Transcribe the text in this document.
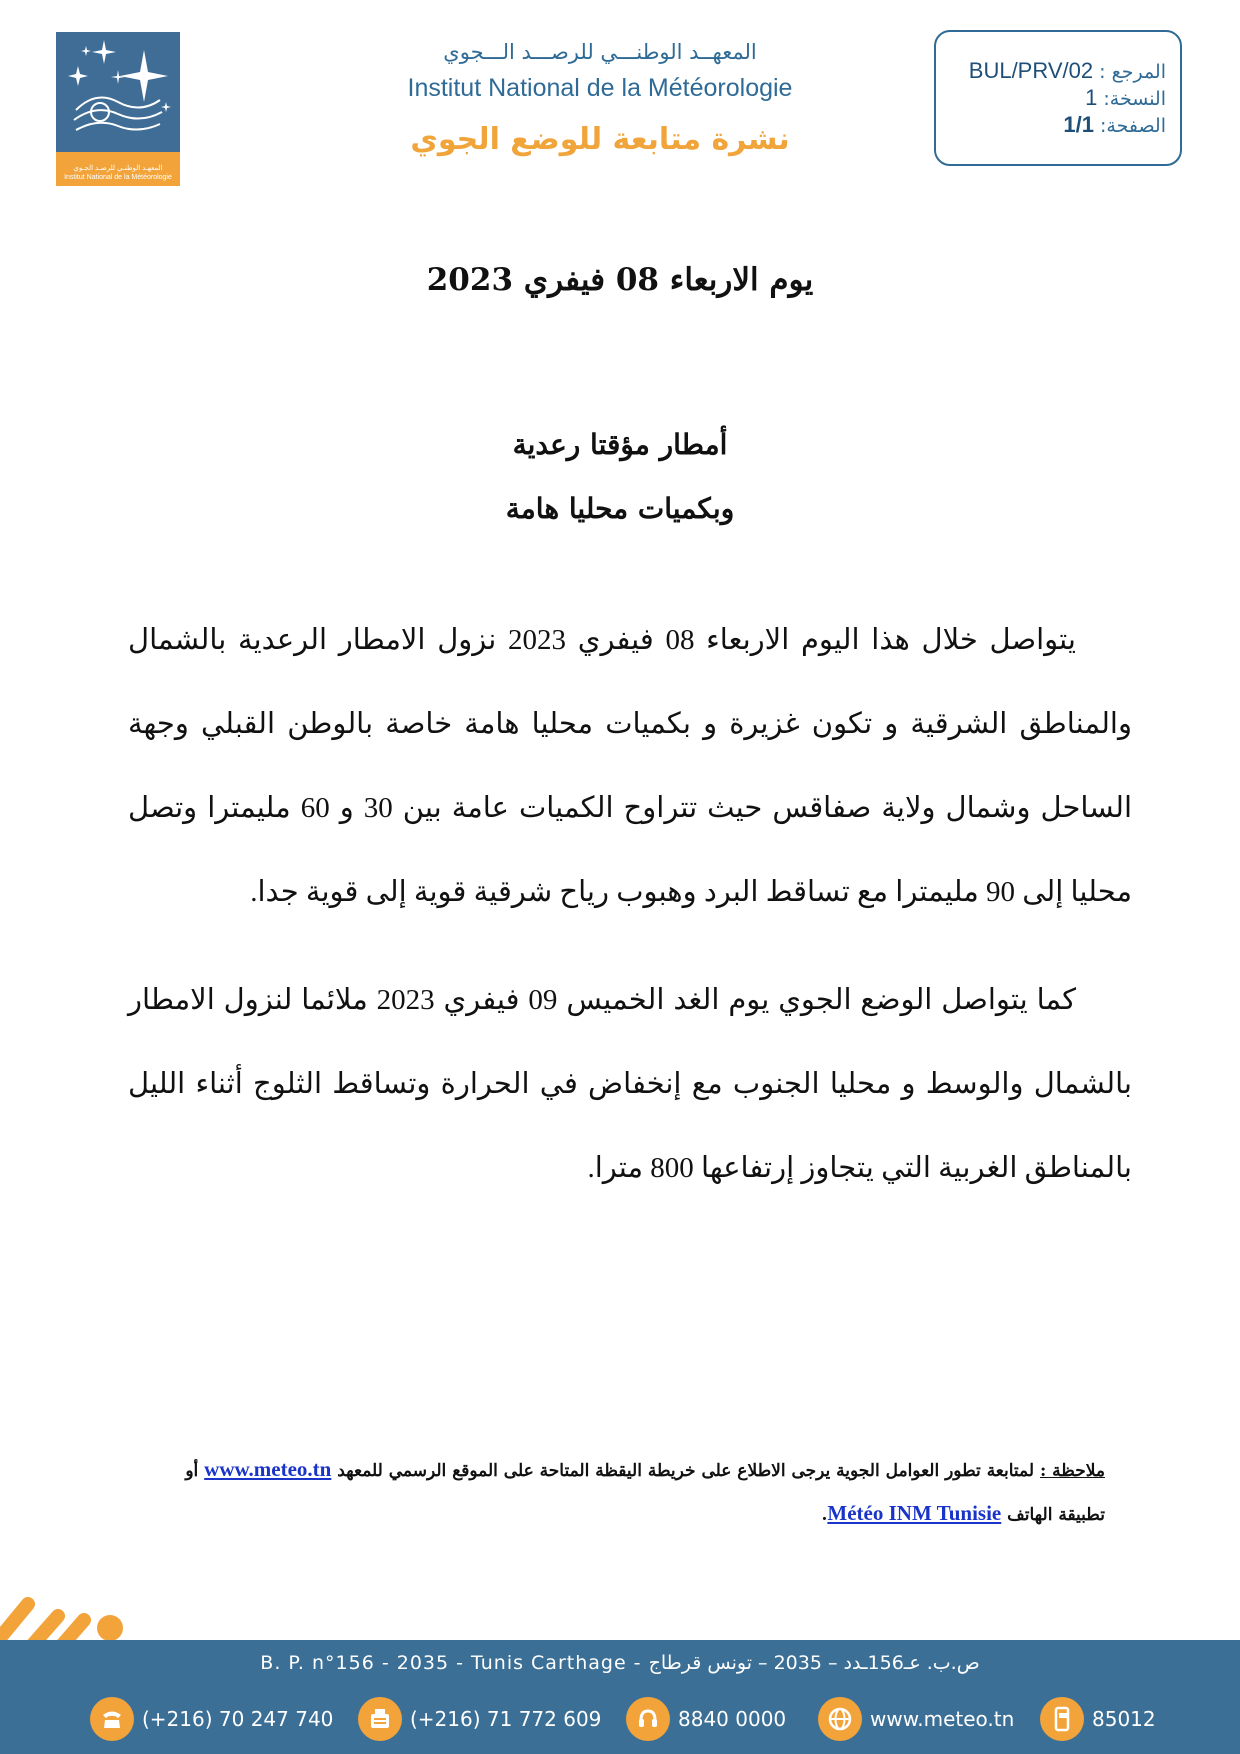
المعهـد الوطنـي للرصـد الجـوي
Institut National de la Météorologie
المعهــد الوطنـــي للرصـــد الـــجوي
Institut National de la Météorologie
نشرة متابعة للوضع الجوي
المرجع : BUL/PRV/02
النسخة: 1
الصفحة: 1/1
يوم الاربعاء 08 فيفري 2023
أمطار مؤقتا رعدية
وبكميات محليا هامة
يتواصل خلال هذا اليوم الاربعاء 08 فيفري 2023 نزول الامطار الرعدية بالشمال والمناطق الشرقية و تكون غزيرة و بكميات محليا هامة خاصة بالوطن القبلي وجهة الساحل وشمال ولاية صفاقس حيث تتراوح الكميات عامة بين 30 و 60 مليمترا وتصل محليا إلى 90 مليمترا مع تساقط البرد وهبوب رياح شرقية قوية إلى قوية جدا.
كما يتواصل الوضع الجوي يوم الغد الخميس 09 فيفري 2023 ملائما لنزول الامطار بالشمال والوسط و محليا الجنوب مع إنخفاض في الحرارة وتساقط الثلوج أثناء الليل بالمناطق الغربية التي يتجاوز إرتفاعها 800 مترا.
ملاحظة : لمتابعة تطور العوامل الجوية يرجى الاطلاع على خريطة اليقظة المتاحة على الموقع الرسمي للمعهد www.meteo.tn أو
تطبيقة الهاتف Météo INM Tunisie.
B. P. n°156 - 2035 - Tunis Carthage - ص.ب. عـ156ـدد – 2035 – تونس قرطاج
(+216) 70 247 740	(+216) 71 772 609	8840 0000	www.meteo.tn	85012
